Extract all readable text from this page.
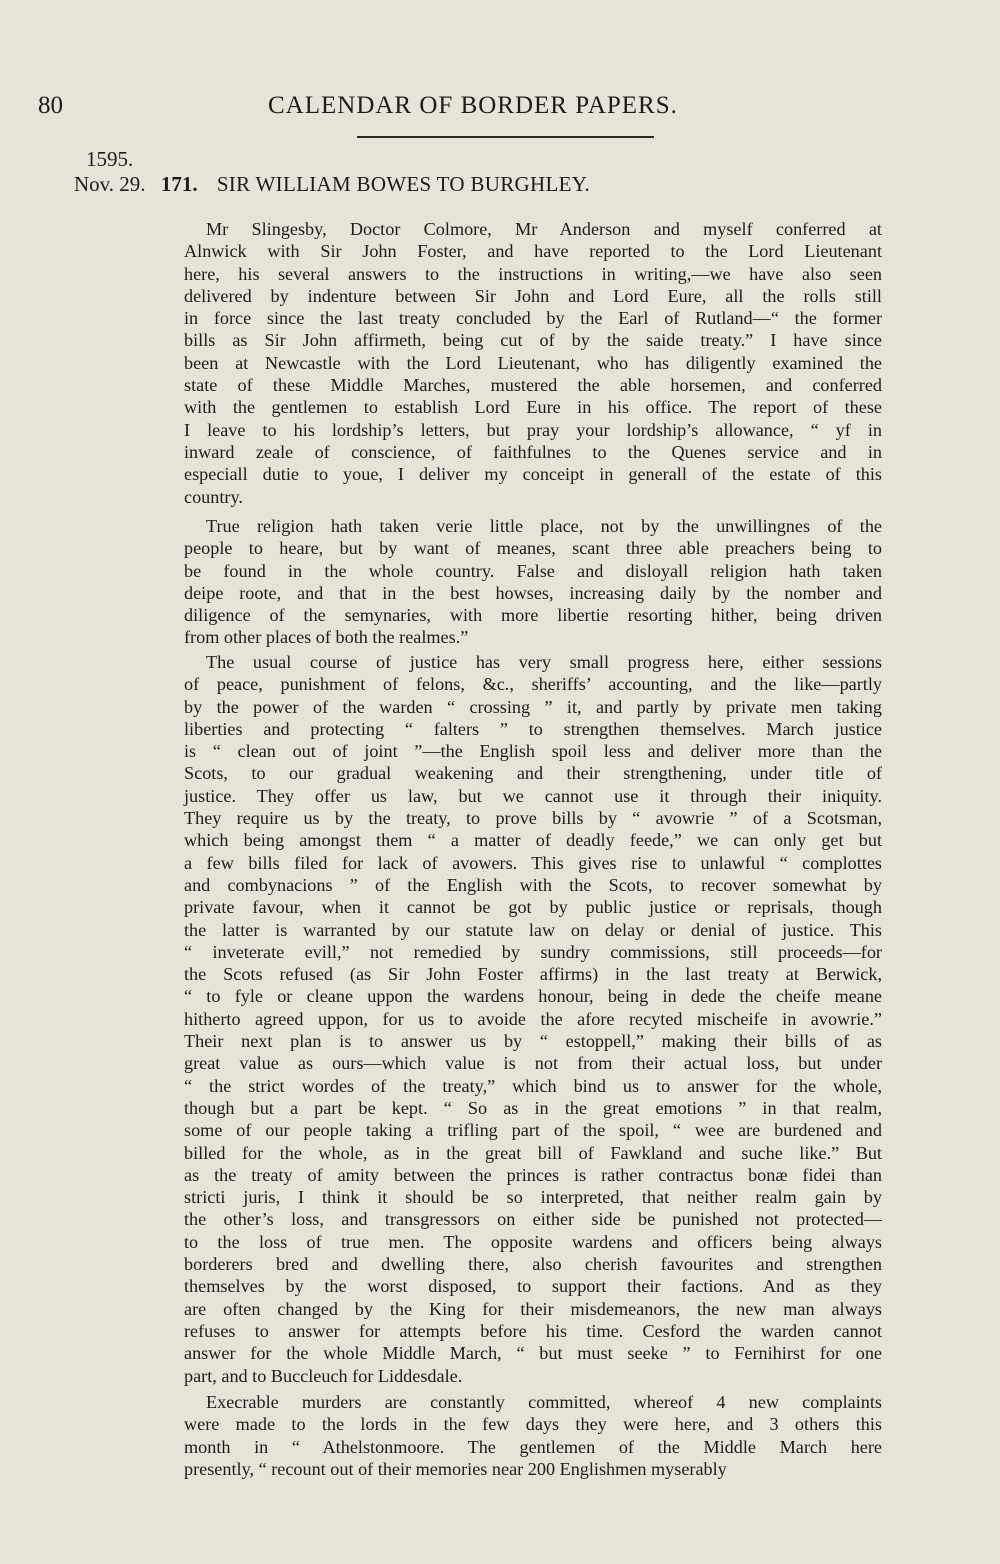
80	CALENDAR OF BORDER PAPERS.
1595.
Nov. 29. 171. SIR WILLIAM BOWES TO BURGHLEY.
Mr Slingesby, Doctor Colmore, Mr Anderson and myself conferred at
Alnwick with Sir John Foster, and have reported to the Lord Lieutenant
here, his several answers to the instructions in writing,—we have also seen
delivered by indenture between Sir John and Lord Eure, all the rolls still
in force since the last treaty concluded by the Earl of Rutland—“ the former
bills as Sir John affirmeth, being cut of by the saide treaty.” I have since
been at Newcastle with the Lord Lieutenant, who has diligently examined the
state of these Middle Marches, mustered the able horsemen, and conferred
with the gentlemen to establish Lord Eure in his office. The report of these
I leave to his lordship’s letters, but pray your lordship’s allowance, “ yf in
inward zeale of conscience, of faithfulnes to the Quenes service and in
especiall dutie to youe, I deliver my conceipt in generall of the estate of this
country.
True religion hath taken verie little place, not by the unwillingnes of the
people to heare, but by want of meanes, scant three able preachers being to
be found in the whole country. False and disloyall religion hath taken
deipe roote, and that in the best howses, increasing daily by the nomber and
diligence of the semynaries, with more libertie resorting hither, being driven
from other places of both the realmes.”
The usual course of justice has very small progress here, either sessions
of peace, punishment of felons, &c., sheriffs’ accounting, and the like—partly
by the power of the warden “ crossing ” it, and partly by private men taking
liberties and protecting “ falters ” to strengthen themselves. March justice
is “ clean out of joint ”—the English spoil less and deliver more than the
Scots, to our gradual weakening and their strengthening, under title of
justice. They offer us law, but we cannot use it through their iniquity.
They require us by the treaty, to prove bills by “ avowrie ” of a Scotsman,
which being amongst them “ a matter of deadly feede,” we can only get but
a few bills filed for lack of avowers. This gives rise to unlawful “ complottes
and combynacions ” of the English with the Scots, to recover somewhat by
private favour, when it cannot be got by public justice or reprisals, though
the latter is warranted by our statute law on delay or denial of justice. This
“ inveterate evill,” not remedied by sundry commissions, still proceeds—for
the Scots refused (as Sir John Foster affirms) in the last treaty at Berwick,
“ to fyle or cleane uppon the wardens honour, being in dede the cheife meane
hitherto agreed uppon, for us to avoide the afore recyted mischeife in avowrie.”
Their next plan is to answer us by “ estoppell,” making their bills of as
great value as ours—which value is not from their actual loss, but under
“ the strict wordes of the treaty,” which bind us to answer for the whole,
though but a part be kept. “ So as in the great emotions ” in that realm,
some of our people taking a trifling part of the spoil, “ wee are burdened and
billed for the whole, as in the great bill of Fawkland and suche like.” But
as the treaty of amity between the princes is rather contractus bonæ fidei than
stricti juris, I think it should be so interpreted, that neither realm gain by
the other’s loss, and transgressors on either side be punished not protected—
to the loss of true men. The opposite wardens and officers being always
borderers bred and dwelling there, also cherish favourites and strengthen
themselves by the worst disposed, to support their factions. And as they
are often changed by the King for their misdemeanors, the new man always
refuses to answer for attempts before his time. Cesford the warden cannot
answer for the whole Middle March, “ but must seeke ” to Fernihirst for one
part, and to Buccleuch for Liddesdale.
Execrable murders are constantly committed, whereof 4 new complaints
were made to the lords in the few days they were here, and 3 others this
month in “ Athelstonmoore. The gentlemen of the Middle March here
presently, “ recount out of their memories near 200 Englishmen myserably
